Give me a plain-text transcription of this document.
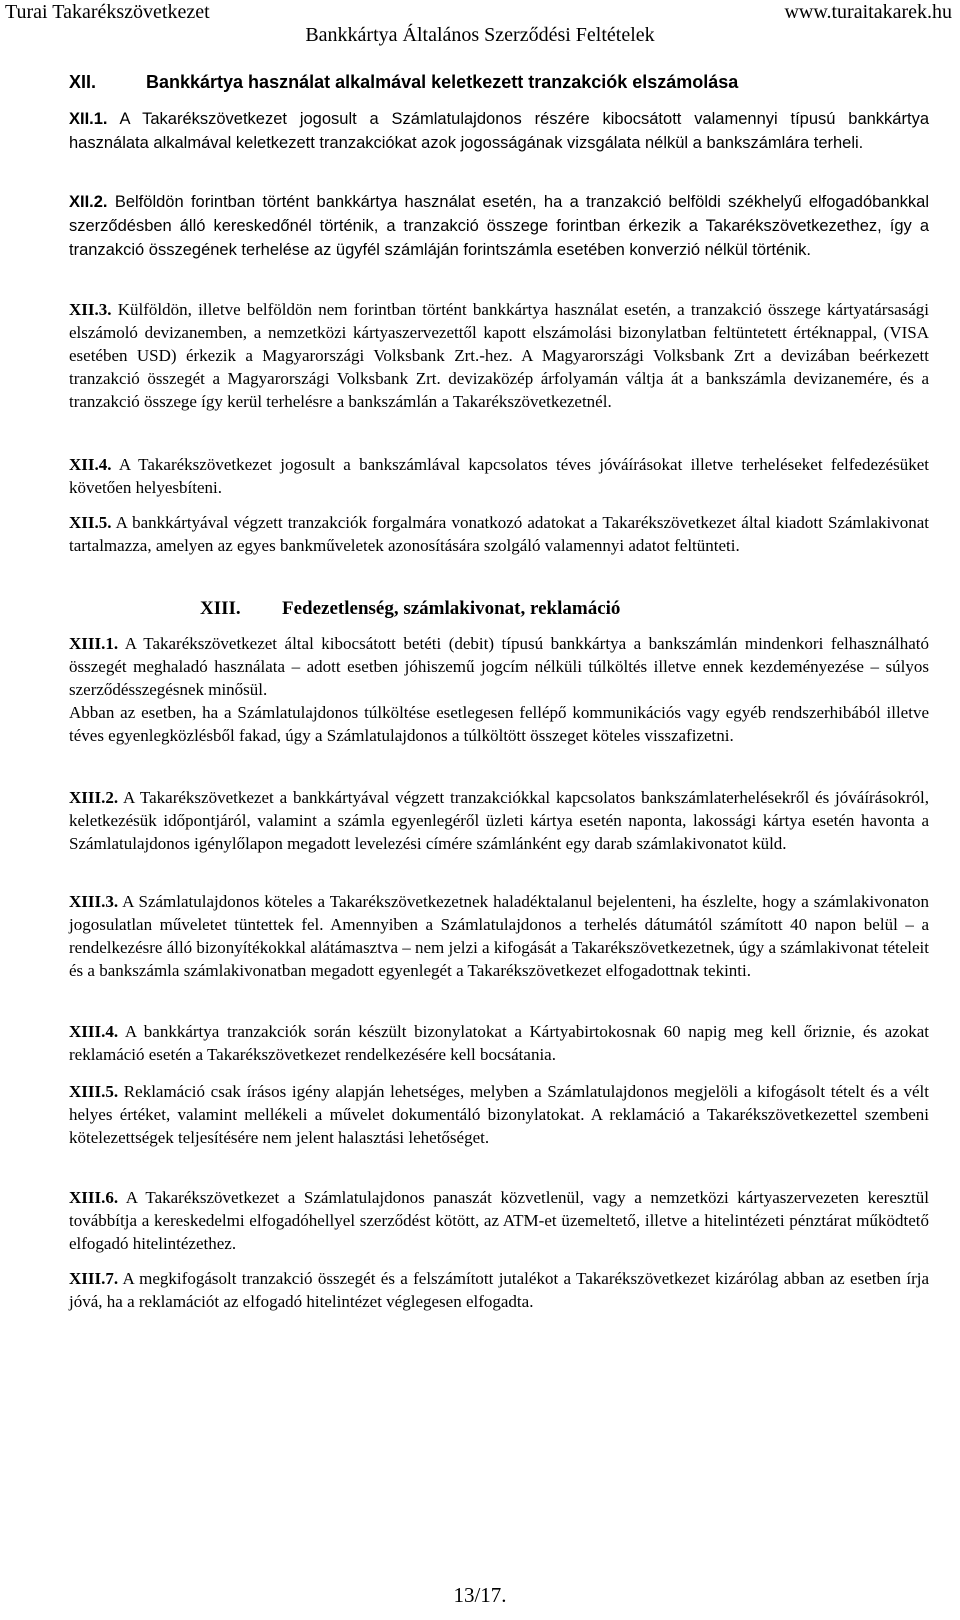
Turai Takarékszövetkezet	www.turaitakarek.hu
Bankkártya Általános Szerződési Feltételek
XII.	Bankkártya használat alkalmával keletkezett tranzakciók elszámolása
XII.1. A Takarékszövetkezet jogosult a Számlatulajdonos részére kibocsátott valamennyi típusú bankkártya használata alkalmával keletkezett tranzakciókat azok jogosságának vizsgálata nélkül a bankszámlára terheli.
XII.2. Belföldön forintban történt bankkártya használat esetén, ha a tranzakció belföldi székhelyű elfogadóbankkal szerződésben álló kereskedőnél történik, a tranzakció összege forintban érkezik a Takarékszövetkezethez, így a tranzakció összegének terhelése az ügyfél számláján forintszámla esetében konverzió nélkül történik.
XII.3. Külföldön, illetve belföldön nem forintban történt bankkártya használat esetén, a tranzakció összege kártyatársasági elszámoló devizanemben, a nemzetközi kártyaszervezettől kapott elszámolási bizonylatban feltüntetett értéknappal, (VISA esetében USD) érkezik a Magyarországi Volksbank Zrt.-hez. A Magyarországi Volksbank Zrt a devizában beérkezett tranzakció összegét a Magyarországi Volksbank Zrt. devizaközép árfolyamán váltja át a bankszámla devizanemére, és a tranzakció összege így kerül terhelésre a bankszámlán a Takarékszövetkezetnél.
XII.4. A Takarékszövetkezet jogosult a bankszámlával kapcsolatos téves jóváírásokat illetve terheléseket felfedezésüket követően helyesbíteni.
XII.5. A bankkártyával végzett tranzakciók forgalmára vonatkozó adatokat a Takarékszövetkezet által kiadott Számlakivonat tartalmazza, amelyen az egyes bankműveletek azonosítására szolgáló valamennyi adatot feltünteti.
XIII. Fedezetlenség, számlakivonat, reklamáció
XIII.1. A Takarékszövetkezet által kibocsátott betéti (debit) típusú bankkártya a bankszámlán mindenkori felhasználható összegét meghaladó használata – adott esetben jóhiszemű jogcím nélküli túlköltés illetve ennek kezdeményezése – súlyos szerződésszegésnek minősül.
Abban az esetben, ha a Számlatulajdonos túlköltése esetlegesen fellépő kommunikációs vagy egyéb rendszerhibából illetve téves egyenlegközlésből fakad, úgy a Számlatulajdonos a túlköltött összeget köteles visszafizetni.
XIII.2. A Takarékszövetkezet a bankkártyával végzett tranzakciókkal kapcsolatos bankszámlaterhelésekről és jóváírásokról, keletkezésük időpontjáról, valamint a számla egyenlegéről üzleti kártya esetén naponta, lakossági kártya esetén havonta a Számlatulajdonos igénylőlapon megadott levelezési címére számlánként egy darab számlakivonatot küld.
XIII.3. A Számlatulajdonos köteles a Takarékszövetkezetnek haladéktalanul bejelenteni, ha észlelte, hogy a számlakivonaton jogosulatlan műveletet tüntettek fel. Amennyiben a Számlatulajdonos a terhelés dátumától számított 40 napon belül – a rendelkezésre álló bizonyítékokkal alátámasztva – nem jelzi a kifogását a Takarékszövetkezetnek, úgy a számlakivonat tételeit és a bankszámla számlakivonatban megadott egyenlegét a Takarékszövetkezet elfogadottnak tekinti.
XIII.4. A bankkártya tranzakciók során készült bizonylatokat a Kártyabirtokosnak 60 napig meg kell őriznie, és azokat reklamáció esetén a Takarékszövetkezet rendelkezésére kell bocsátania.
XIII.5. Reklamáció csak írásos igény alapján lehetséges, melyben a Számlatulajdonos megjelöli a kifogásolt tételt és a vélt helyes értéket, valamint mellékeli a művelet dokumentáló bizonylatokat. A reklamáció a Takarékszövetkezettel szembeni kötelezettségek teljesítésére nem jelent halasztási lehetőséget.
XIII.6. A Takarékszövetkezet a Számlatulajdonos panaszát közvetlenül, vagy a nemzetközi kártyaszervezeten keresztül továbbítja a kereskedelmi elfogadóhellyel szerződést kötött, az ATM-et üzemeltető, illetve a hitelintézeti pénztárat működtető elfogadó hitelintézethez.
XIII.7. A megkifogásolt tranzakció összegét és a felszámított jutalékot a Takarékszövetkezet kizárólag abban az esetben írja jóvá, ha a reklamációt az elfogadó hitelintézet véglegesen elfogadta.
13/17.
